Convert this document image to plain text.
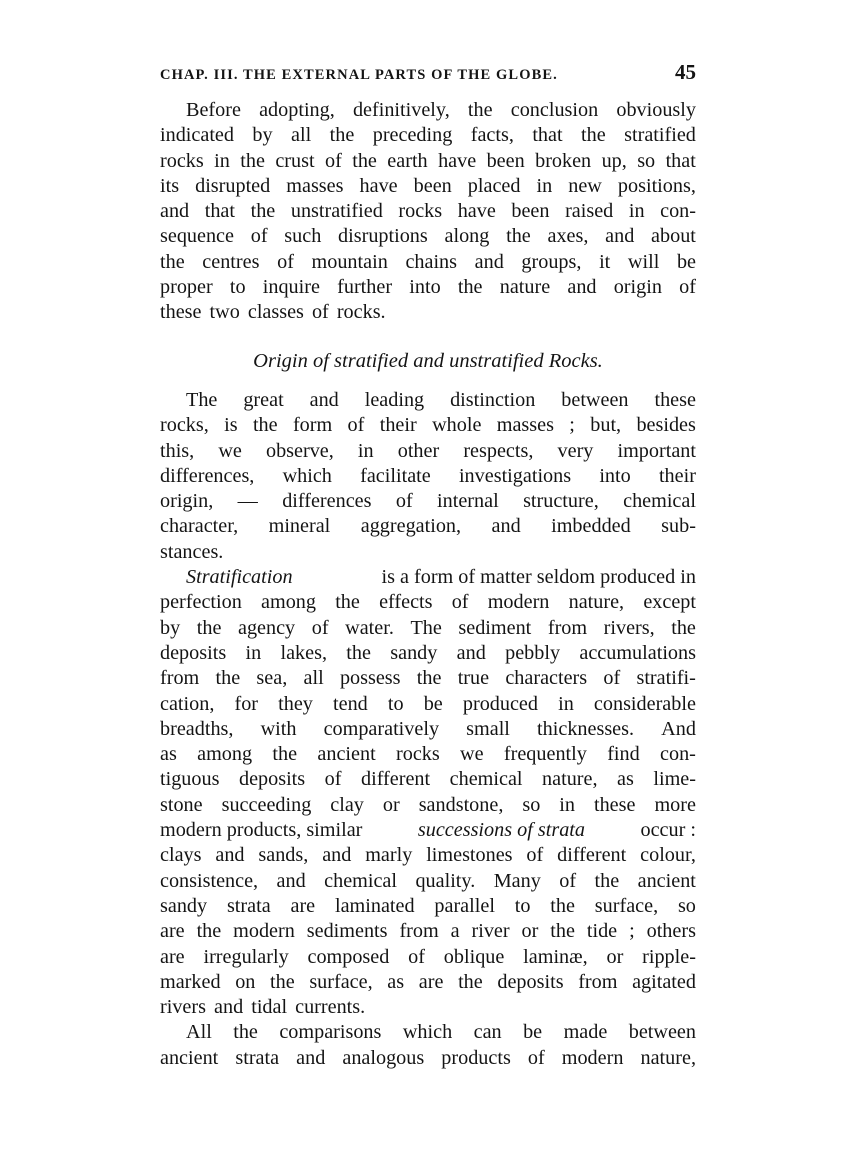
CHAP. III. THE EXTERNAL PARTS OF THE GLOBE.	45
Before adopting, definitively, the conclusion obviously
indicated by all the preceding facts, that the stratified
rocks in the crust of the earth have been broken up, so that
its disrupted masses have been placed in new positions,
and that the unstratified rocks have been raised in con-
sequence of such disruptions along the axes, and about
the centres of mountain chains and groups, it will be
proper to inquire further into the nature and origin of
these two classes of rocks.
Origin of stratified and unstratified Rocks.
The great and leading distinction between these
rocks, is the form of their whole masses ; but, besides
this, we observe, in other respects, very important
differences, which facilitate investigations into their
origin, — differences of internal structure, chemical
character, mineral aggregation, and imbedded sub-
stances.
Stratification	is a form of matter seldom produced in
perfection among the effects of modern nature, except
by the agency of water. The sediment from rivers, the
deposits in lakes, the sandy and pebbly accumulations
from the sea, all possess the true characters of stratifi-
cation, for they tend to be produced in considerable
breadths, with comparatively small thicknesses. And
as among the ancient rocks we frequently find con-
tiguous deposits of different chemical nature, as lime-
stone succeeding clay or sandstone, so in these more
modern products, similar	successions of strata	occur :
clays and sands, and marly limestones of different colour,
consistence, and chemical quality. Many of the ancient
sandy strata are laminated parallel to the surface, so
are the modern sediments from a river or the tide ; others
are irregularly composed of oblique laminæ, or ripple-
marked on the surface, as are the deposits from agitated
rivers and tidal currents.
All the comparisons which can be made between
ancient strata and analogous products of modern nature,
